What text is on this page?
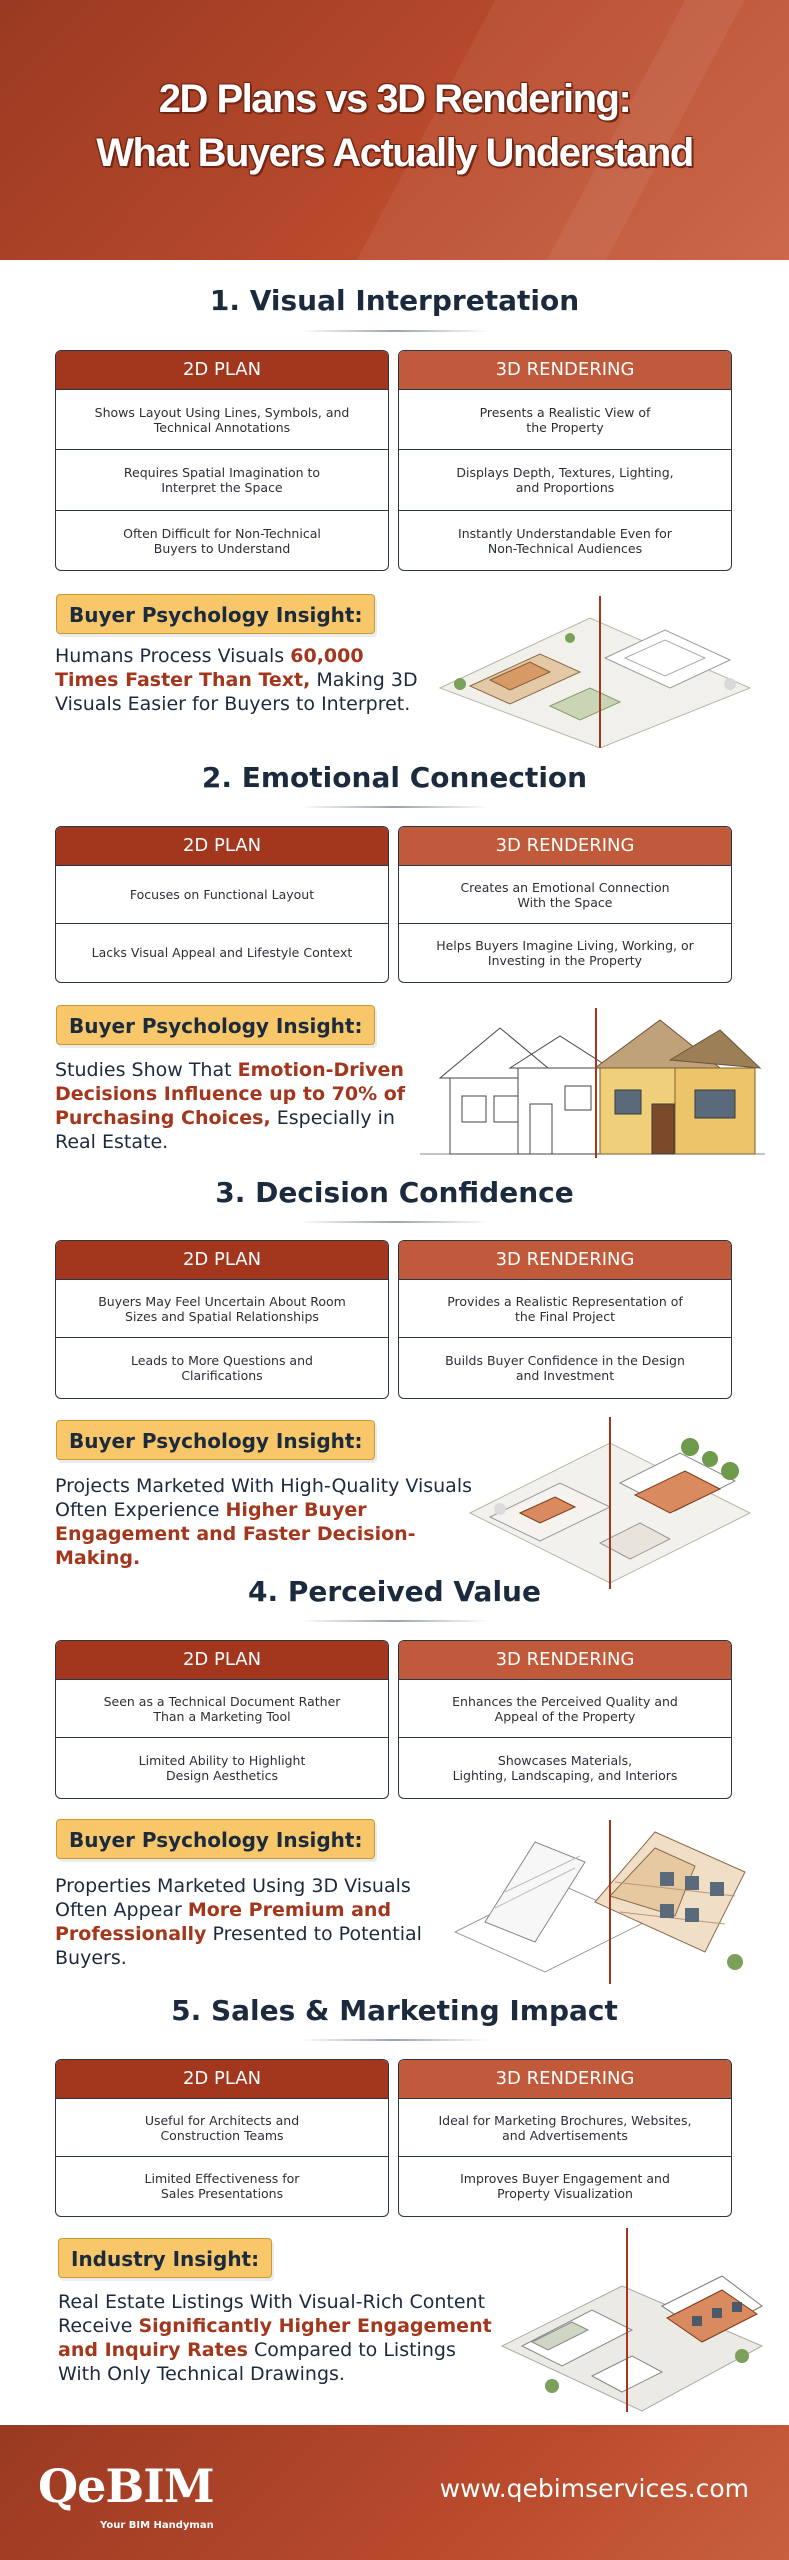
2D Plans vs 3D Rendering:
What Buyers Actually Understand
1. Visual Interpretation
2D PLAN
Shows Layout Using Lines, Symbols, and
Technical Annotations
Requires Spatial Imagination to
Interpret the Space
Often Difficult for Non-Technical
Buyers to Understand
3D RENDERING
Presents a Realistic View of
the Property
Displays Depth, Textures, Lighting,
and Proportions
Instantly Understandable Even for
Non-Technical Audiences
Buyer Psychology Insight:
Humans Process Visuals 60,000 Times Faster Than Text, Making 3D Visuals Easier for Buyers to Interpret.
2. Emotional Connection
2D PLAN
Focuses on Functional Layout
Lacks Visual Appeal and Lifestyle Context
3D RENDERING
Creates an Emotional Connection
With the Space
Helps Buyers Imagine Living, Working, or
Investing in the Property
Buyer Psychology Insight:
Studies Show That Emotion-Driven Decisions Influence up to 70% of Purchasing Choices, Especially in Real Estate.
3. Decision Confidence
2D PLAN
Buyers May Feel Uncertain About Room
Sizes and Spatial Relationships
Leads to More Questions and
Clarifications
3D RENDERING
Provides a Realistic Representation of
the Final Project
Builds Buyer Confidence in the Design
and Investment
Buyer Psychology Insight:
Projects Marketed With High-Quality Visuals Often Experience Higher Buyer Engagement and Faster Decision-Making.
4. Perceived Value
2D PLAN
Seen as a Technical Document Rather
Than a Marketing Tool
Limited Ability to Highlight
Design Aesthetics
3D RENDERING
Enhances the Perceived Quality and
Appeal of the Property
Showcases Materials,
Lighting, Landscaping, and Interiors
Buyer Psychology Insight:
Properties Marketed Using 3D Visuals Often Appear More Premium and Professionally Presented to Potential Buyers.
5. Sales & Marketing Impact
2D PLAN
Useful for Architects and
Construction Teams
Limited Effectiveness for
Sales Presentations
3D RENDERING
Ideal for Marketing Brochures, Websites,
and Advertisements
Improves Buyer Engagement and
Property Visualization
Industry Insight:
Real Estate Listings With Visual-Rich Content Receive Significantly Higher Engagement and Inquiry Rates Compared to Listings With Only Technical Drawings.
QeBIM
Your BIM Handyman
www.qebimservices.com
